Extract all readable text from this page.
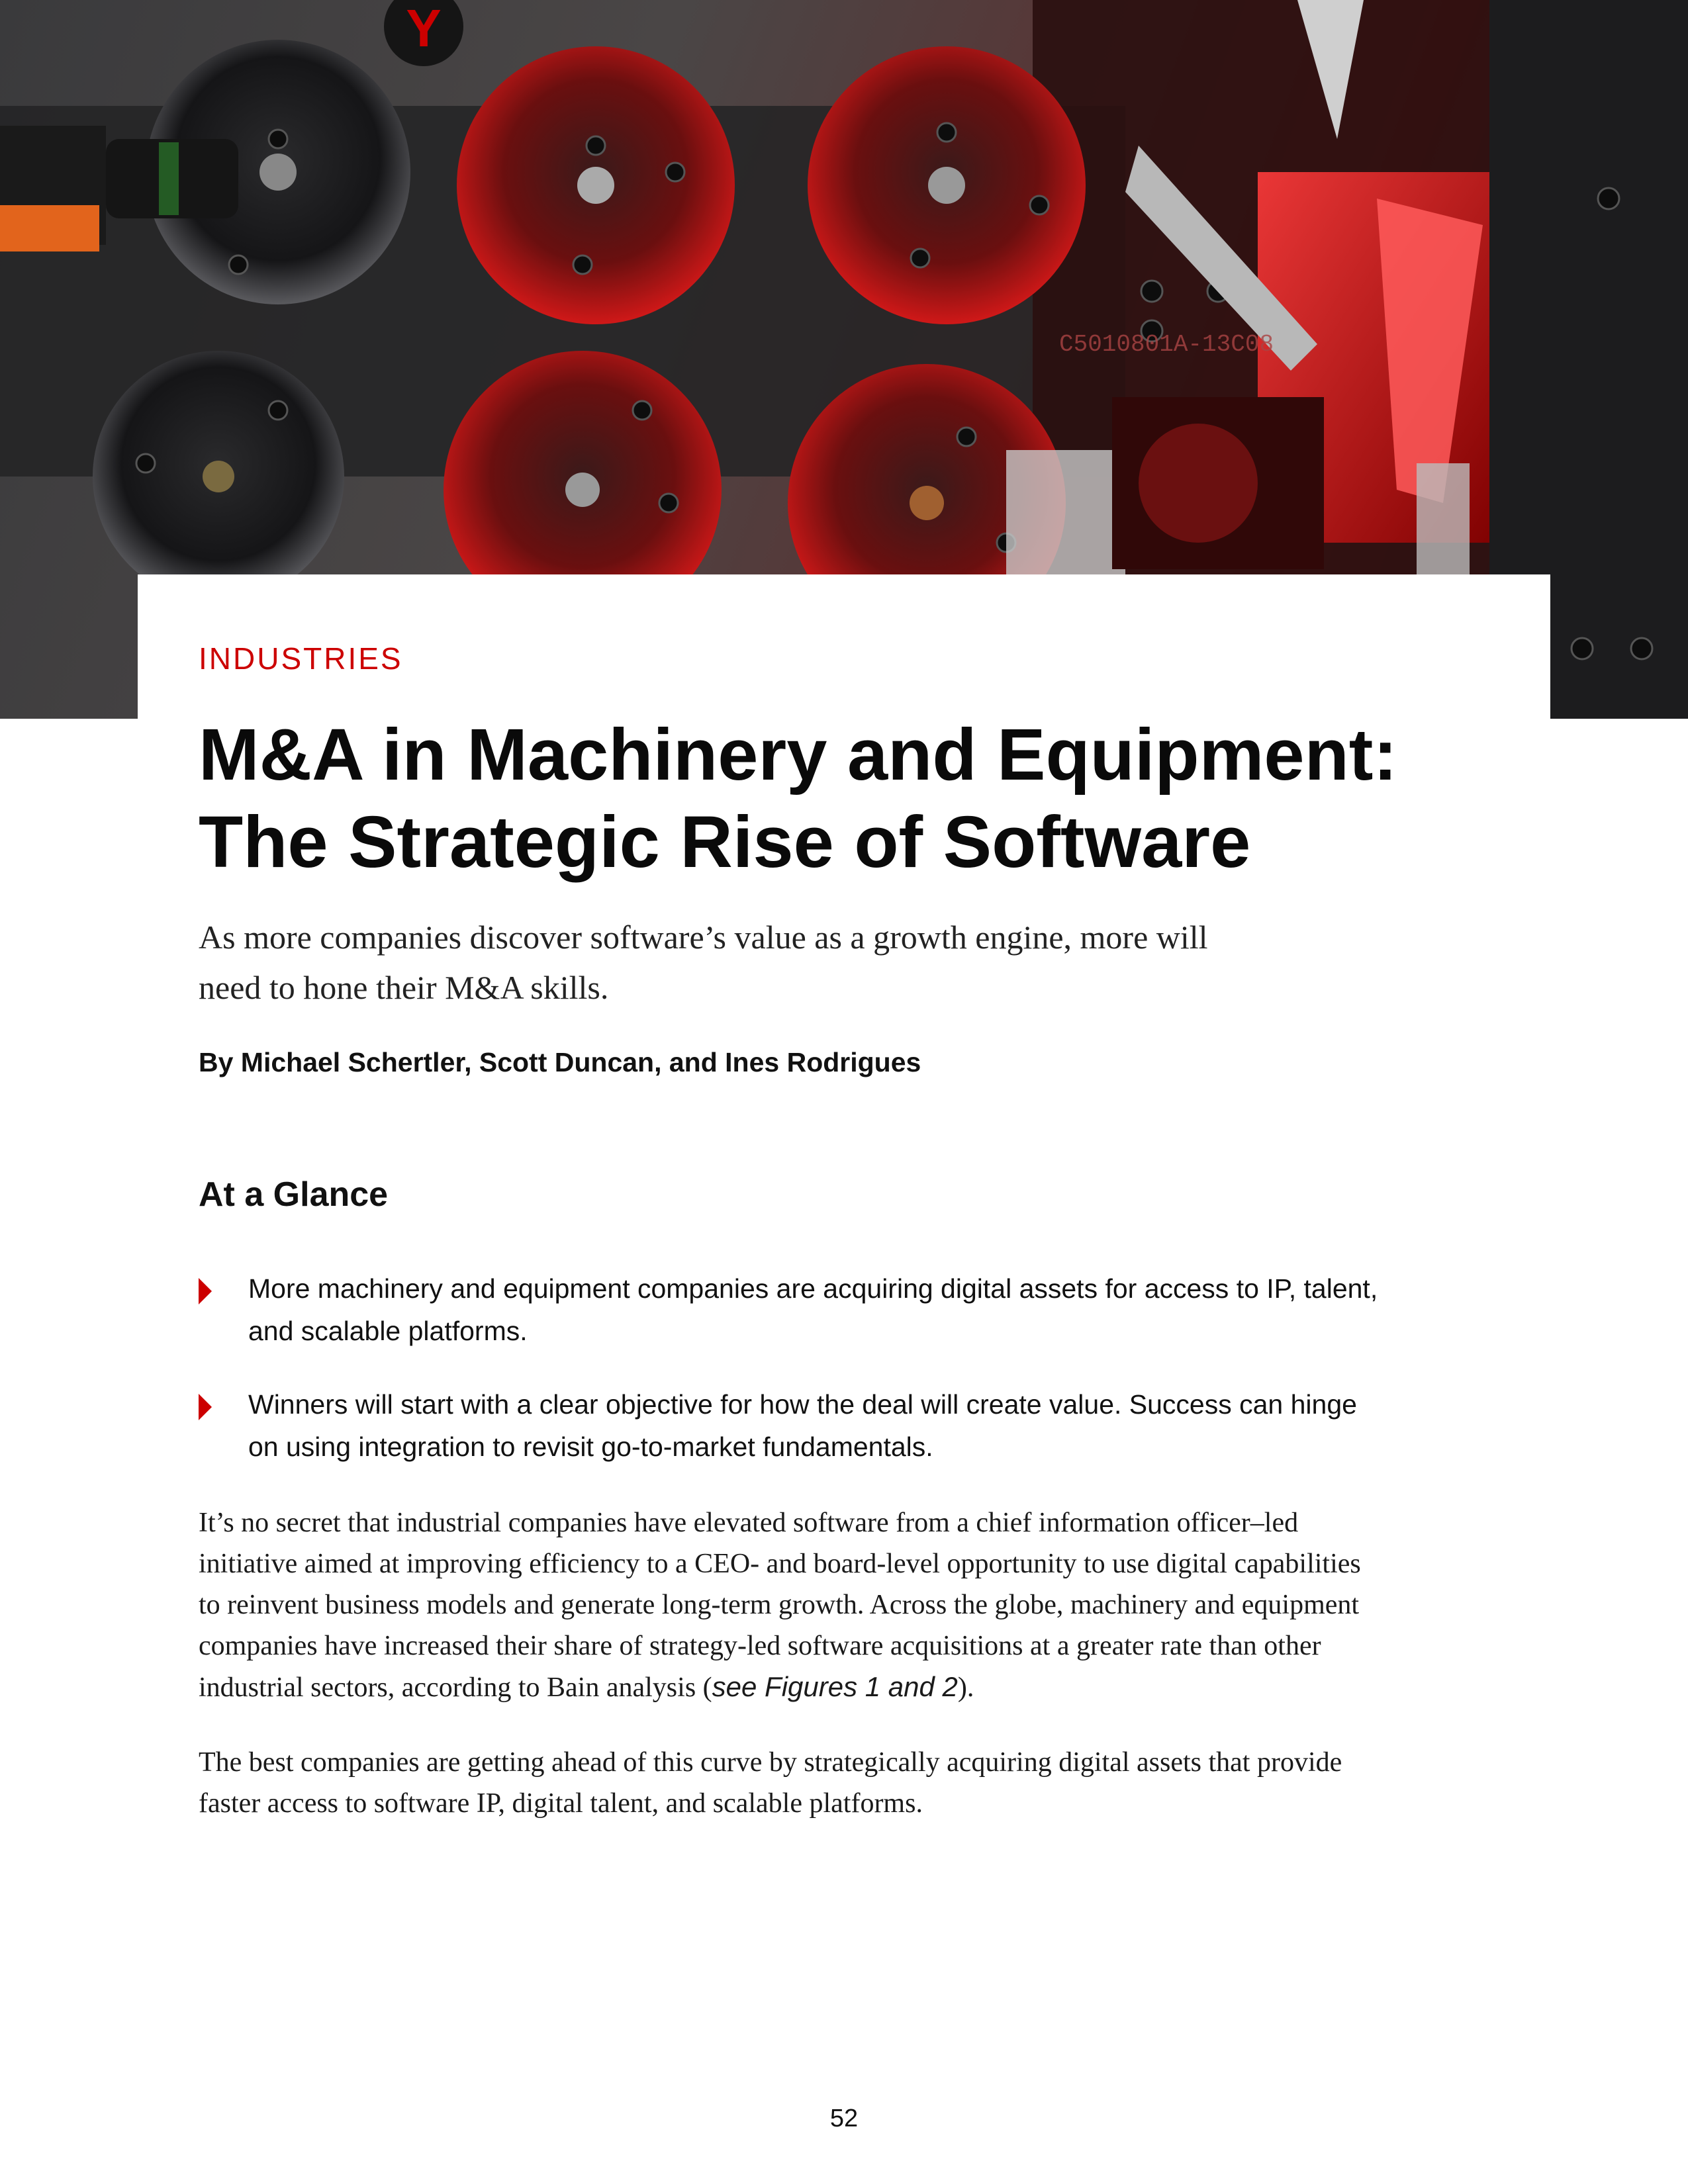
Y
C5010801A-13C08
INDUSTRIES
M&A in Machinery and Equipment:
The Strategic Rise of Software
As more companies discover software’s value as a growth engine, more will
need to hone their M&A skills.
By Michael Schertler, Scott Duncan, and Ines Rodrigues
At a Glance
More machinery and equipment companies are acquiring digital assets for access to IP, talent,
and scalable platforms.
Winners will start with a clear objective for how the deal will create value. Success can hinge
on using integration to revisit go-to-market fundamentals.

It’s no secret that industrial companies have elevated software from a chief information officer–led
initiative aimed at improving efficiency to a CEO- and board-level opportunity to use digital capabilities
to reinvent business models and generate long-term growth. Across the globe, machinery and equipment
companies have increased their share of strategy-led software acquisitions at a greater rate than other
industrial sectors, according to Bain analysis (see Figures 1 and 2).

The best companies are getting ahead of this curve by strategically acquiring digital assets that provide
faster access to software IP, digital talent, and scalable platforms.

52
